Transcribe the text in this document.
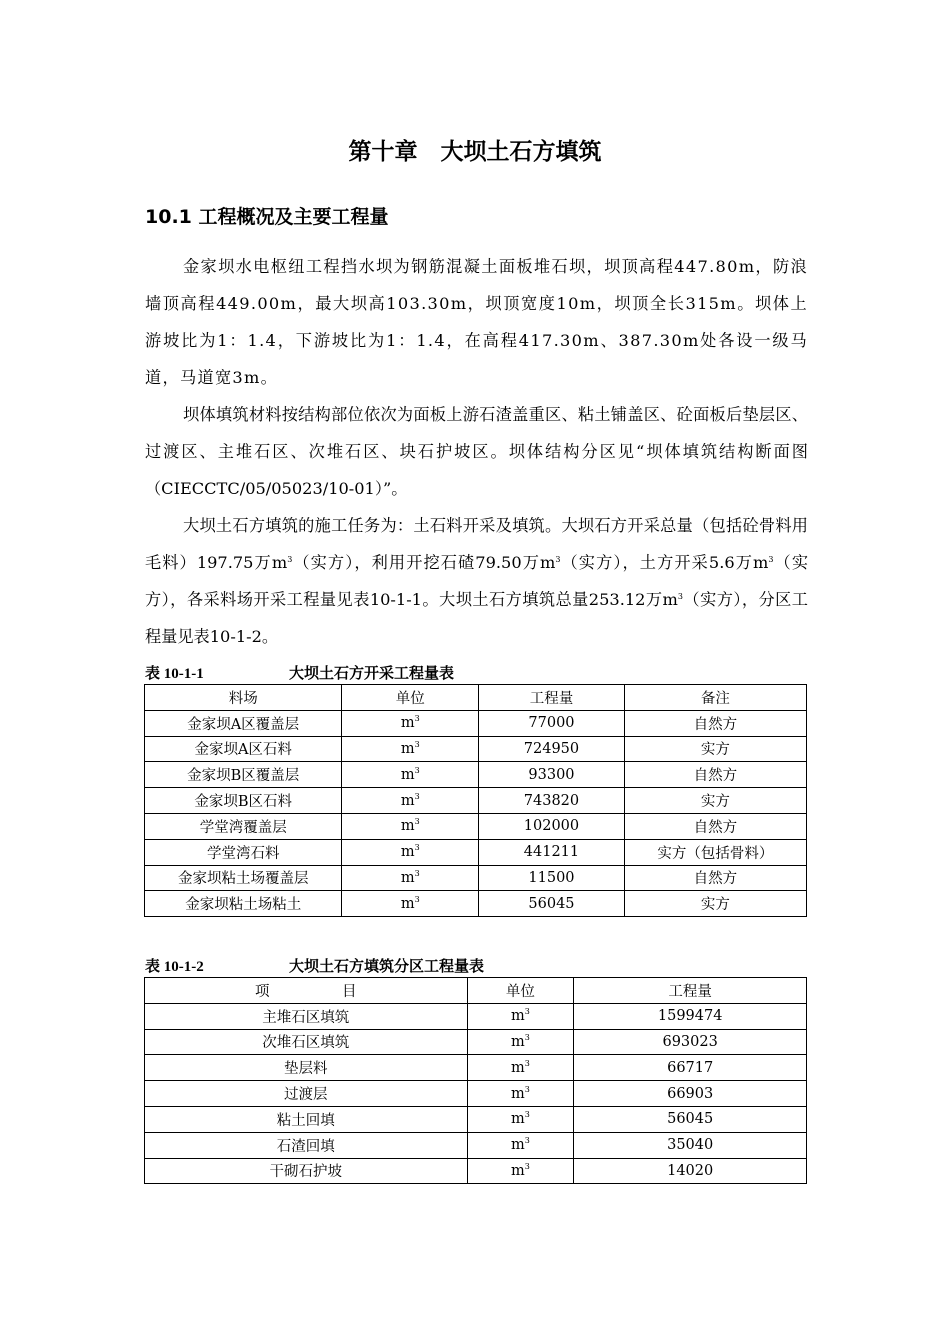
第十章　大坝土石方填筑
10.1 工程概况及主要工程量

金家坝水电枢纽工程挡水坝为钢筋混凝土面板堆石坝，坝顶高程447.80m，防浪墙顶高程449.00m，最大坝高103.30m，坝顶宽度10m，坝顶全长315m。坝体上游坡比为1：1.4，下游坡比为1：1.4，在高程417.30m、387.30m处各设一级马道，马道宽3m。

坝体填筑材料按结构部位依次为面板上游石渣盖重区、粘土铺盖区、砼面板后垫层区、过渡区、主堆石区、次堆石区、块石护坡区。坝体结构分区见“坝体填筑结构断面图（CIECCTC/05/05023/10-01）”。

大坝土石方填筑的施工任务为：土石料开采及填筑。大坝石方开采总量（包括砼骨料用毛料）197.75万$m^3$（实方），利用开挖石碴79.50万$m^3$（实方），土方开采5.6万$m^3$（实方），各采料场开采工程量见表10-1-1。大坝土石方填筑总量253.12万$m^3$（实方），分区工程量见表10-1-2。

表 10-1-1	大坝土石方开采工程量表
料场	单位	工程量	备注
金家坝A区覆盖层	$m^3$	77000	自然方
金家坝A区石料	$m^3$	724950	实方
金家坝B区覆盖层	$m^3$	93300	自然方
金家坝B区石料	$m^3$	743820	实方
学堂湾覆盖层	$m^3$	102000	自然方
学堂湾石料	$m^3$	441211	实方（包括骨料）
金家坝粘土场覆盖层	$m^3$	11500	自然方
金家坝粘土场粘土	$m^3$	56045	实方
表 10-1-2	大坝土石方填筑分区工程量表
项　　　　　目	单位	工程量
主堆石区填筑	$m^3$	1599474
次堆石区填筑	$m^3$	693023
垫层料	$m^3$	66717
过渡层	$m^3$	66903
粘土回填	$m^3$	56045
石渣回填	$m^3$	35040
干砌石护坡	$m^3$	14020
